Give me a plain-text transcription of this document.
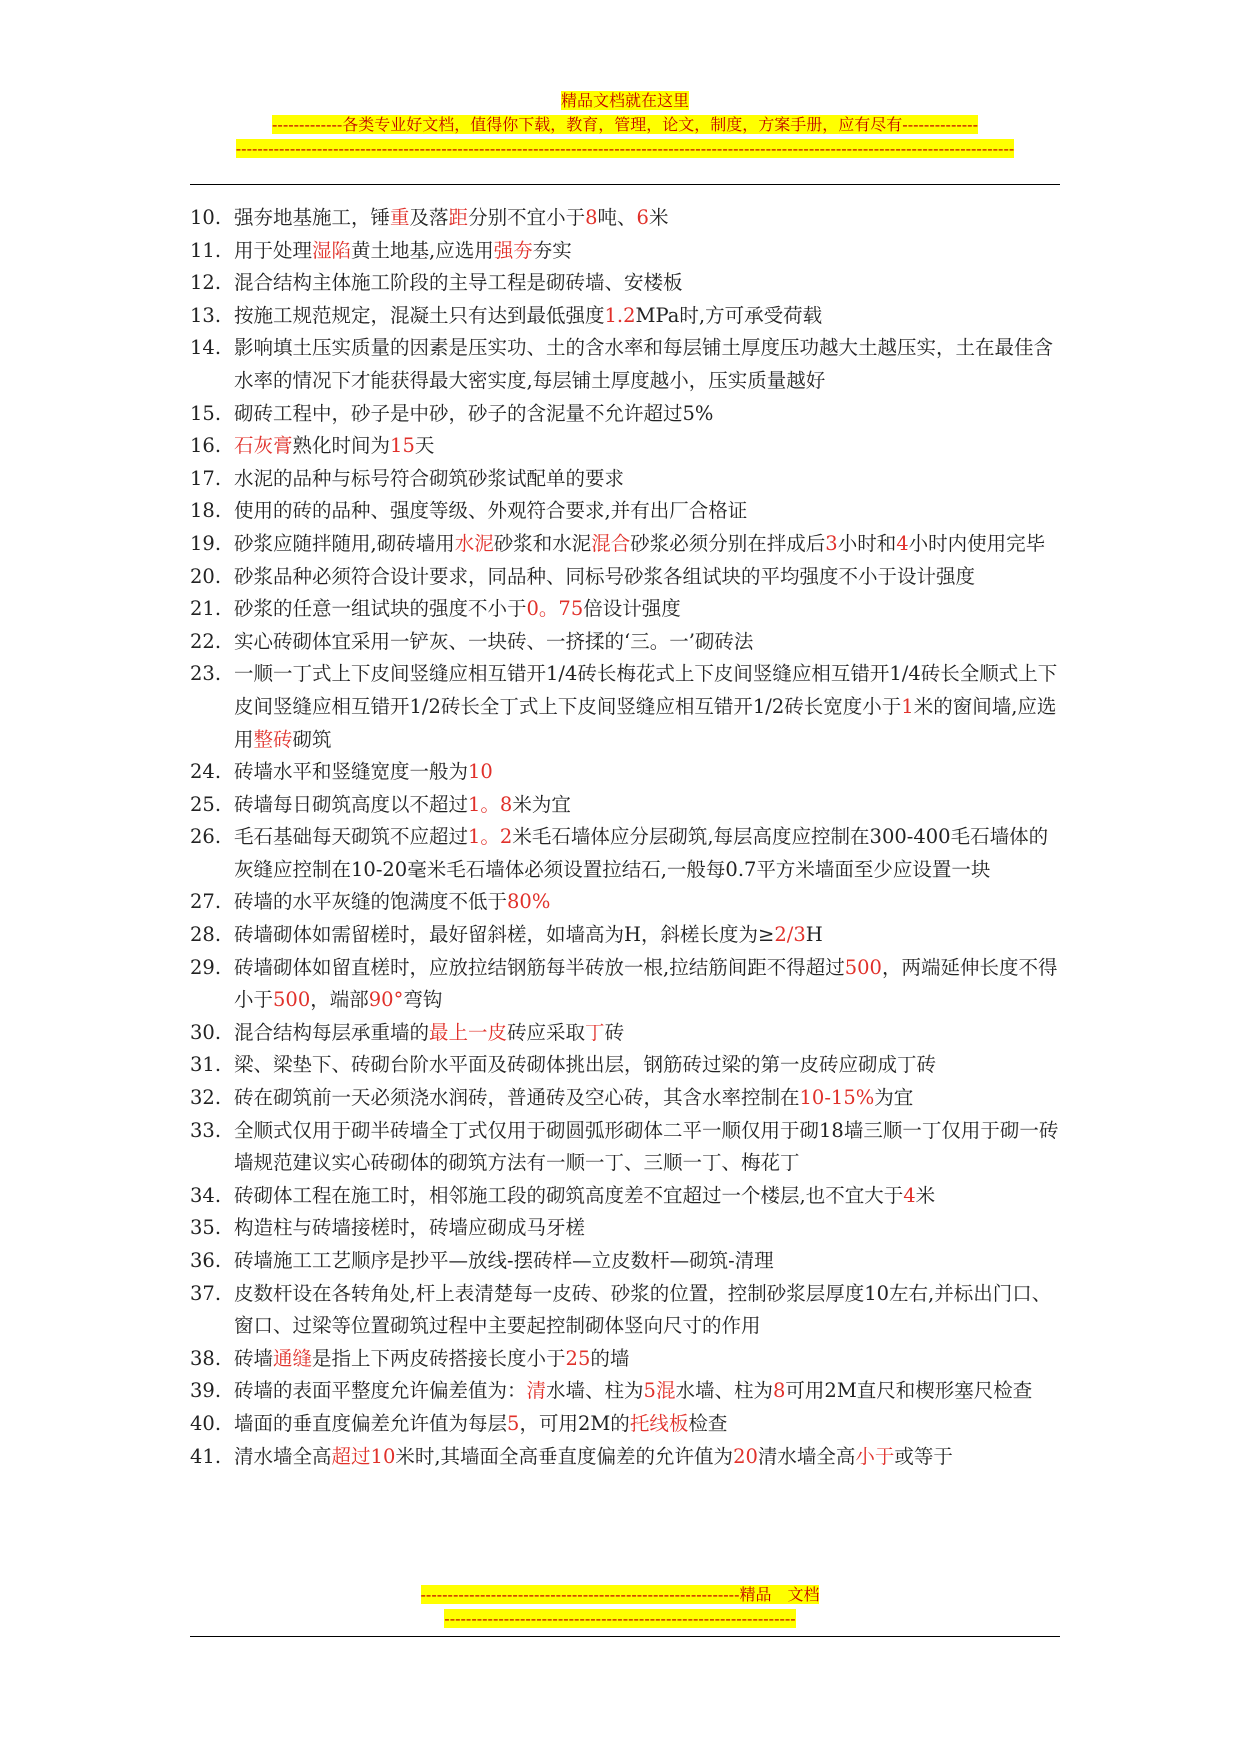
精品文档就在这里
-------------各类专业好文档，值得你下载，教育，管理，论文，制度，方案手册，应有尽有--------------
------------------------------------------------------------------------------------------------------------------------------------------------
10. 强夯地基施工，锤重及落距分别不宜小于8吨、6米
11. 用于处理湿陷黄土地基,应选用强夯夯实
12. 混合结构主体施工阶段的主导工程是砌砖墙、安楼板
13. 按施工规范规定，混凝土只有达到最低强度1.2MPa时,方可承受荷载
14. 影响填土压实质量的因素是压实功、土的含水率和每层铺土厚度压功越大土越压实，土在最佳含水率的情况下才能获得最大密实度,每层铺土厚度越小，压实质量越好
15. 砌砖工程中，砂子是中砂，砂子的含泥量不允许超过5%
16. 石灰膏熟化时间为15天
17. 水泥的品种与标号符合砌筑砂浆试配单的要求
18. 使用的砖的品种、强度等级、外观符合要求,并有出厂合格证
19. 砂浆应随拌随用,砌砖墙用水泥砂浆和水泥混合砂浆必须分别在拌成后3小时和4小时内使用完毕
20. 砂浆品种必须符合设计要求，同品种、同标号砂浆各组试块的平均强度不小于设计强度
21. 砂浆的任意一组试块的强度不小于0。75倍设计强度
22. 实心砖砌体宜采用一铲灰、一块砖、一挤揉的‘三。一’砌砖法
23. 一顺一丁式上下皮间竖缝应相互错开1/4砖长梅花式上下皮间竖缝应相互错开1/4砖长全顺式上下皮间竖缝应相互错开1/2砖长全丁式上下皮间竖缝应相互错开1/2砖长宽度小于1米的窗间墙,应选用整砖砌筑
24. 砖墙水平和竖缝宽度一般为10
25. 砖墙每日砌筑高度以不超过1。8米为宜
26. 毛石基础每天砌筑不应超过1。2米毛石墙体应分层砌筑,每层高度应控制在300-400毛石墙体的灰缝应控制在10-20毫米毛石墙体必须设置拉结石,一般每0.7平方米墙面至少应设置一块
27. 砖墙的水平灰缝的饱满度不低于80%
28. 砖墙砌体如需留槎时，最好留斜槎，如墙高为H，斜槎长度为≥2/3H
29. 砖墙砌体如留直槎时，应放拉结钢筋每半砖放一根,拉结筋间距不得超过500，两端延伸长度不得小于500，端部90°弯钩
30. 混合结构每层承重墙的最上一皮砖应采取丁砖
31. 梁、梁垫下、砖砌台阶水平面及砖砌体挑出层，钢筋砖过梁的第一皮砖应砌成丁砖
32. 砖在砌筑前一天必须浇水润砖，普通砖及空心砖，其含水率控制在10-15%为宜
33. 全顺式仅用于砌半砖墙全丁式仅用于砌圆弧形砌体二平一顺仅用于砌18墙三顺一丁仅用于砌一砖墙规范建议实心砖砌体的砌筑方法有一顺一丁、三顺一丁、梅花丁
34. 砖砌体工程在施工时，相邻施工段的砌筑高度差不宜超过一个楼层,也不宜大于4米
35. 构造柱与砖墙接槎时，砖墙应砌成马牙槎
36. 砖墙施工工艺顺序是抄平—放线-摆砖样—立皮数杆—砌筑-清理
37. 皮数杆设在各转角处,杆上表清楚每一皮砖、砂浆的位置，控制砂浆层厚度10左右,并标出门口、窗口、过梁等位置砌筑过程中主要起控制砌体竖向尺寸的作用
38. 砖墙通缝是指上下两皮砖搭接长度小于25的墙
39. 砖墙的表面平整度允许偏差值为：清水墙、柱为5混水墙、柱为8可用2M直尺和楔形塞尺检查
40. 墙面的垂直度偏差允许值为每层5，可用2M的托线板检查
41. 清水墙全高超过10米时,其墙面全高垂直度偏差的允许值为20清水墙全高小于或等于
-----------------------------------------------------------精品　文档
-----------------------------------------------------------------
